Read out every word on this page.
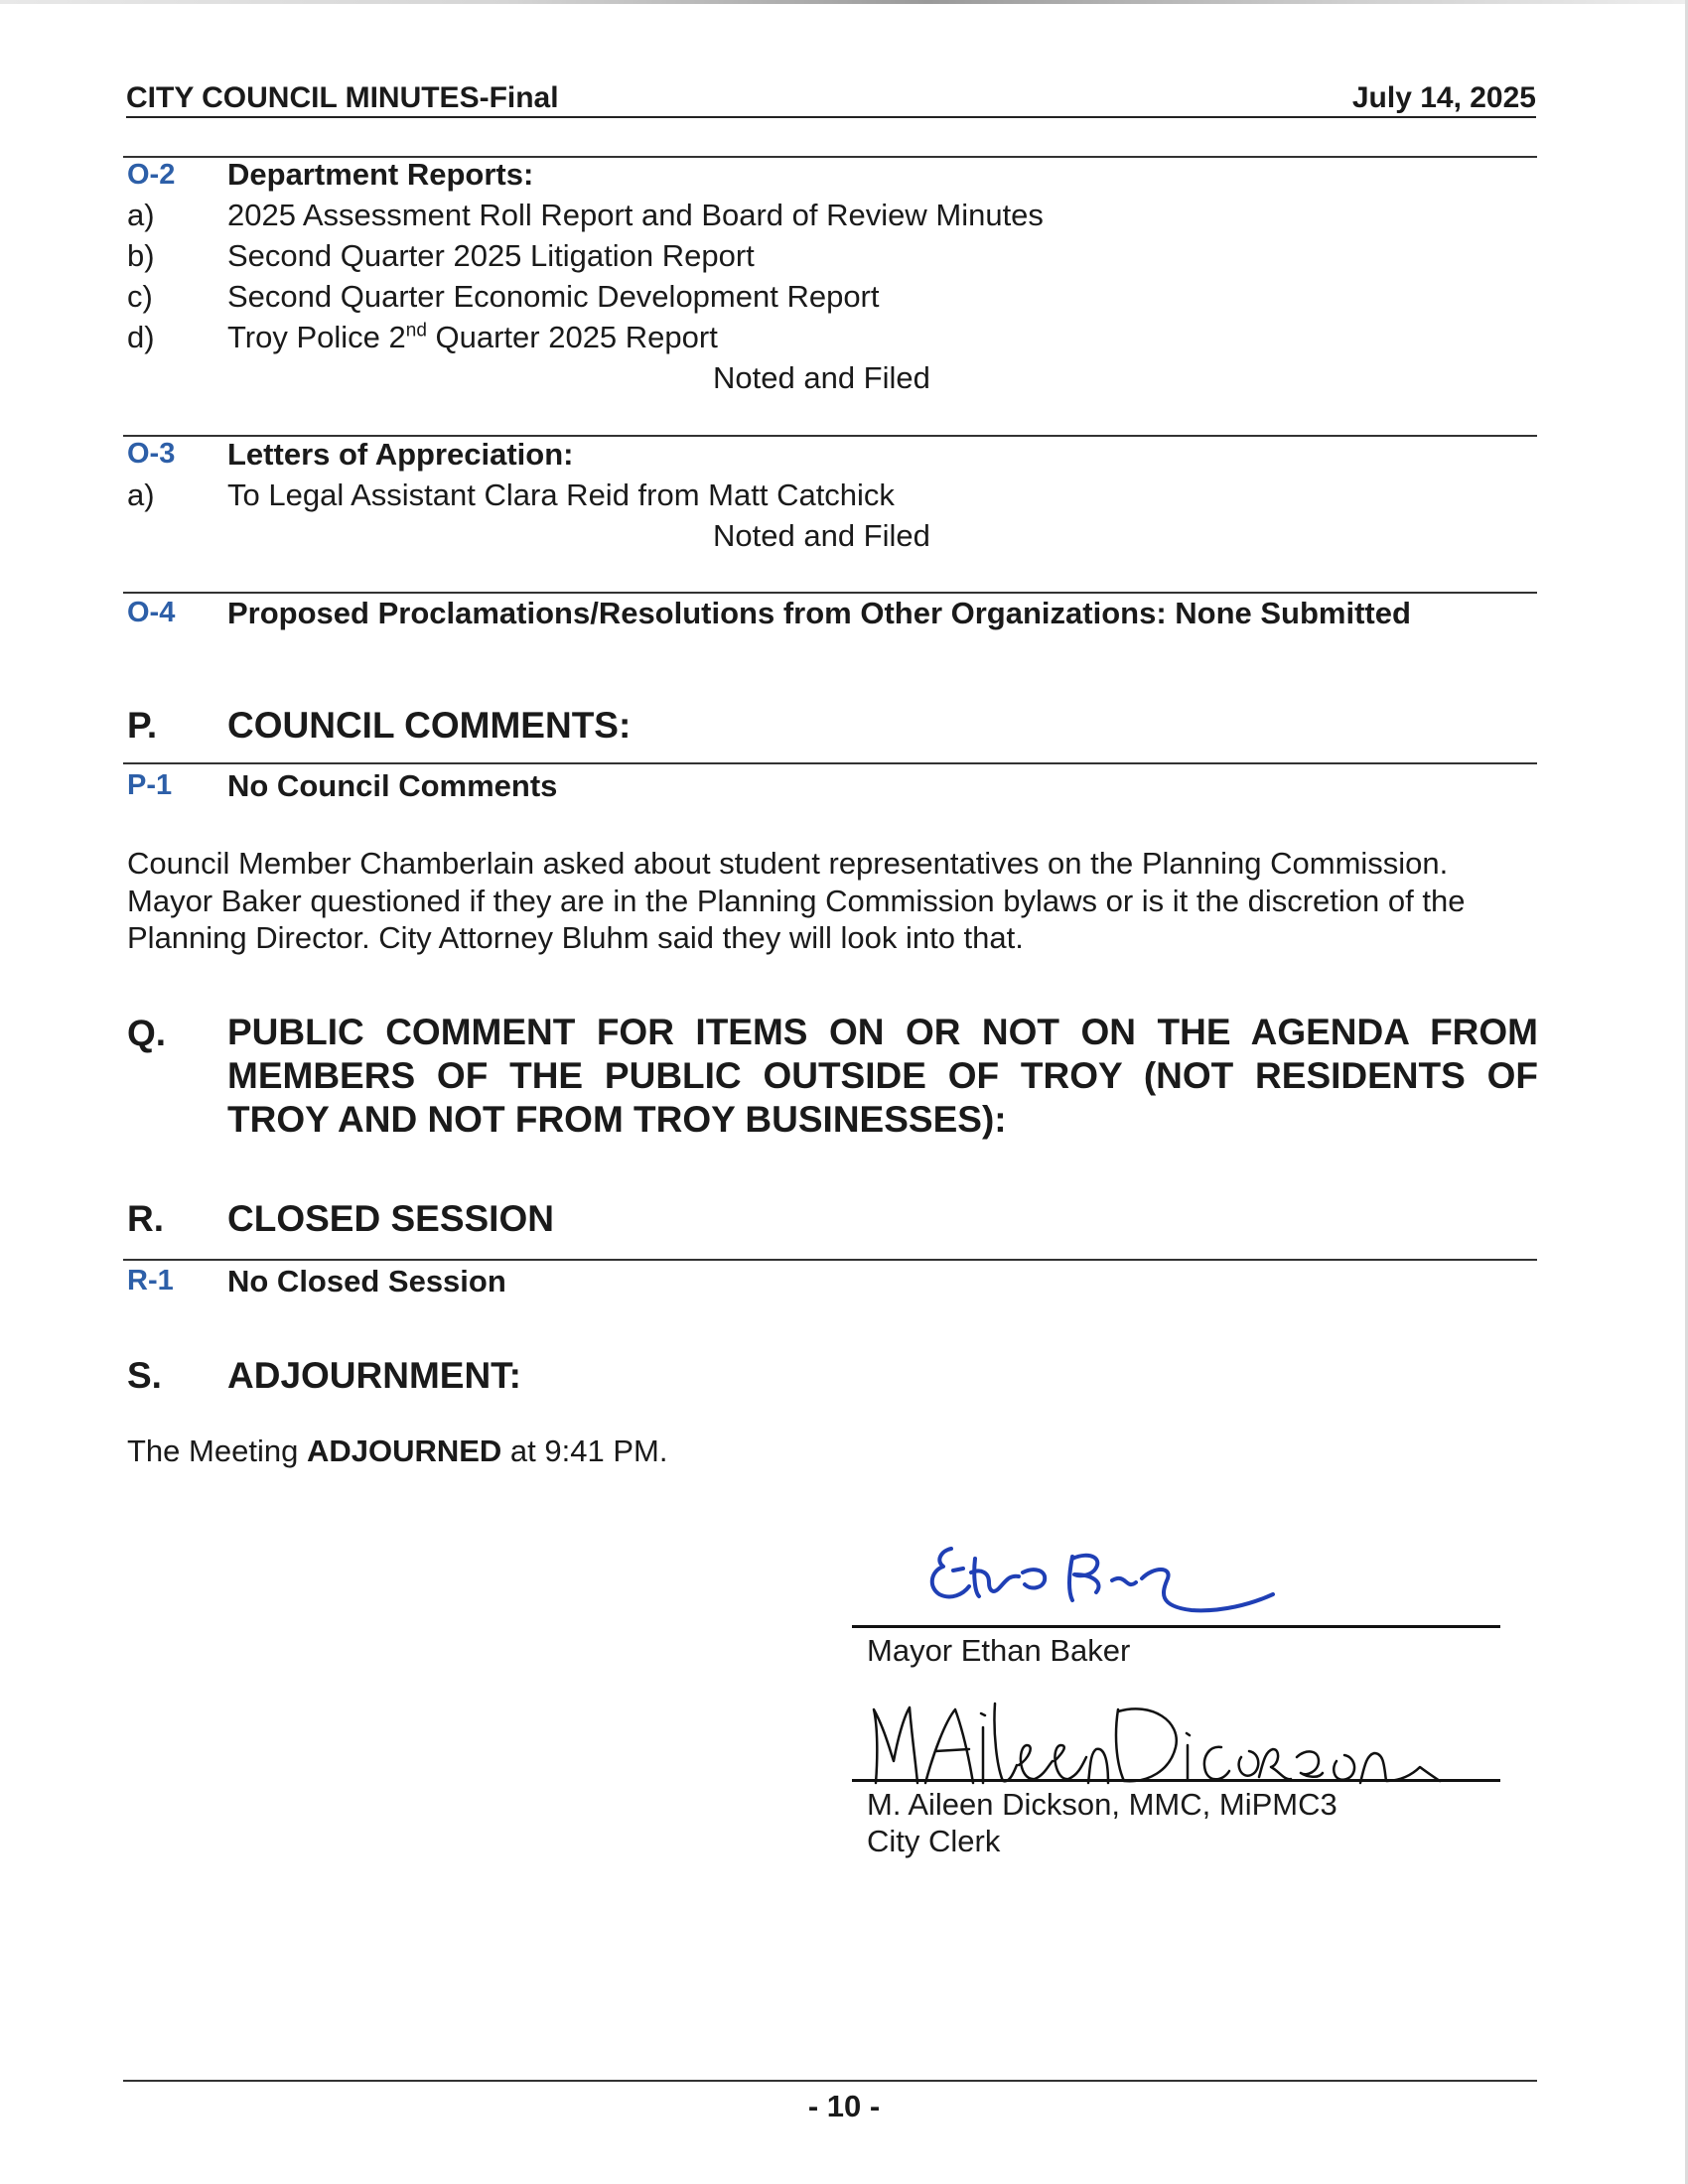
CITY COUNCIL MINUTES-Final	July 14, 2025
O-2 Department Reports:
a) 2025 Assessment Roll Report and Board of Review Minutes
b) Second Quarter 2025 Litigation Report
c) Second Quarter Economic Development Report
d) Troy Police 2nd Quarter 2025 Report
Noted and Filed
O-3 Letters of Appreciation:
a) To Legal Assistant Clara Reid from Matt Catchick
Noted and Filed
O-4 Proposed Proclamations/Resolutions from Other Organizations: None Submitted
P. COUNCIL COMMENTS:
P-1 No Council Comments
Council Member Chamberlain asked about student representatives on the Planning Commission. Mayor Baker questioned if they are in the Planning Commission bylaws or is it the discretion of the Planning Director. City Attorney Bluhm said they will look into that.
Q. PUBLIC COMMENT FOR ITEMS ON OR NOT ON THE AGENDA FROM MEMBERS OF THE PUBLIC OUTSIDE OF TROY (NOT RESIDENTS OF TROY AND NOT FROM TROY BUSINESSES):
R. CLOSED SESSION
R-1 No Closed Session
S. ADJOURNMENT:
The Meeting ADJOURNED at 9:41 PM.
Mayor Ethan Baker
M. Aileen Dickson, MMC, MiPMC3
City Clerk
- 10 -
